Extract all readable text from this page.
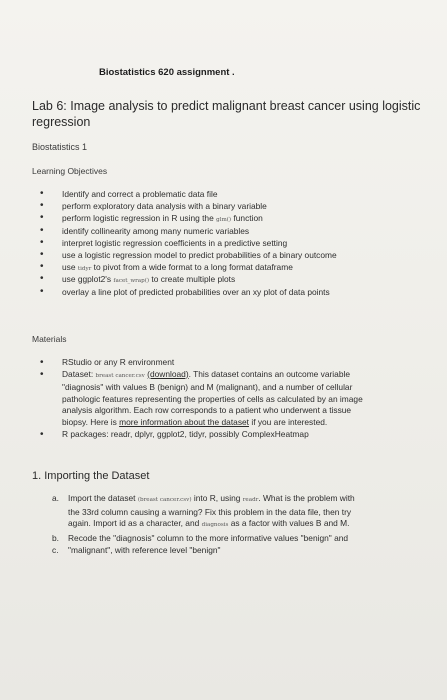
Biostatistics 620 assignment .
Lab 6: Image analysis to predict malignant breast cancer using logistic regression
Biostatistics 1
Learning Objectives
• Identify and correct a problematic data file
• perform exploratory data analysis with a binary variable
• perform logistic regression in R using the glm() function
• identify collinearity among many numeric variables
• interpret logistic regression coefficients in a predictive setting
• use a logistic regression model to predict probabilities of a binary outcome
• use tidyr to pivot from a wide format to a long format dataframe
• use ggplot2's facet_wrap() to create multiple plots
• overlay a line plot of predicted probabilities over an xy plot of data points
Materials
• RStudio or any R environment
• Dataset: breast cancer.csv (download). This dataset contains an outcome variable
"diagnosis" with values B (benign) and M (malignant), and a number of cellular
pathologic features representing the properties of cells as calculated by an image
analysis algorithm. Each row corresponds to a patient who underwent a tissue
biopsy. Here is more information about the dataset if you are interested.
• R packages: readr, dplyr, ggplot2, tidyr, possibly ComplexHeatmap
1. Importing the Dataset
a. Import the dataset (breast cancer.csv) into R, using readr. What is the problem with
the 33rd column causing a warning? Fix this problem in the data file, then try
again. Import id as a character, and diagnosis as a factor with values B and M.
b. Recode the "diagnosis" column to the more informative values "benign" and
c. "malignant", with reference level "benign"
